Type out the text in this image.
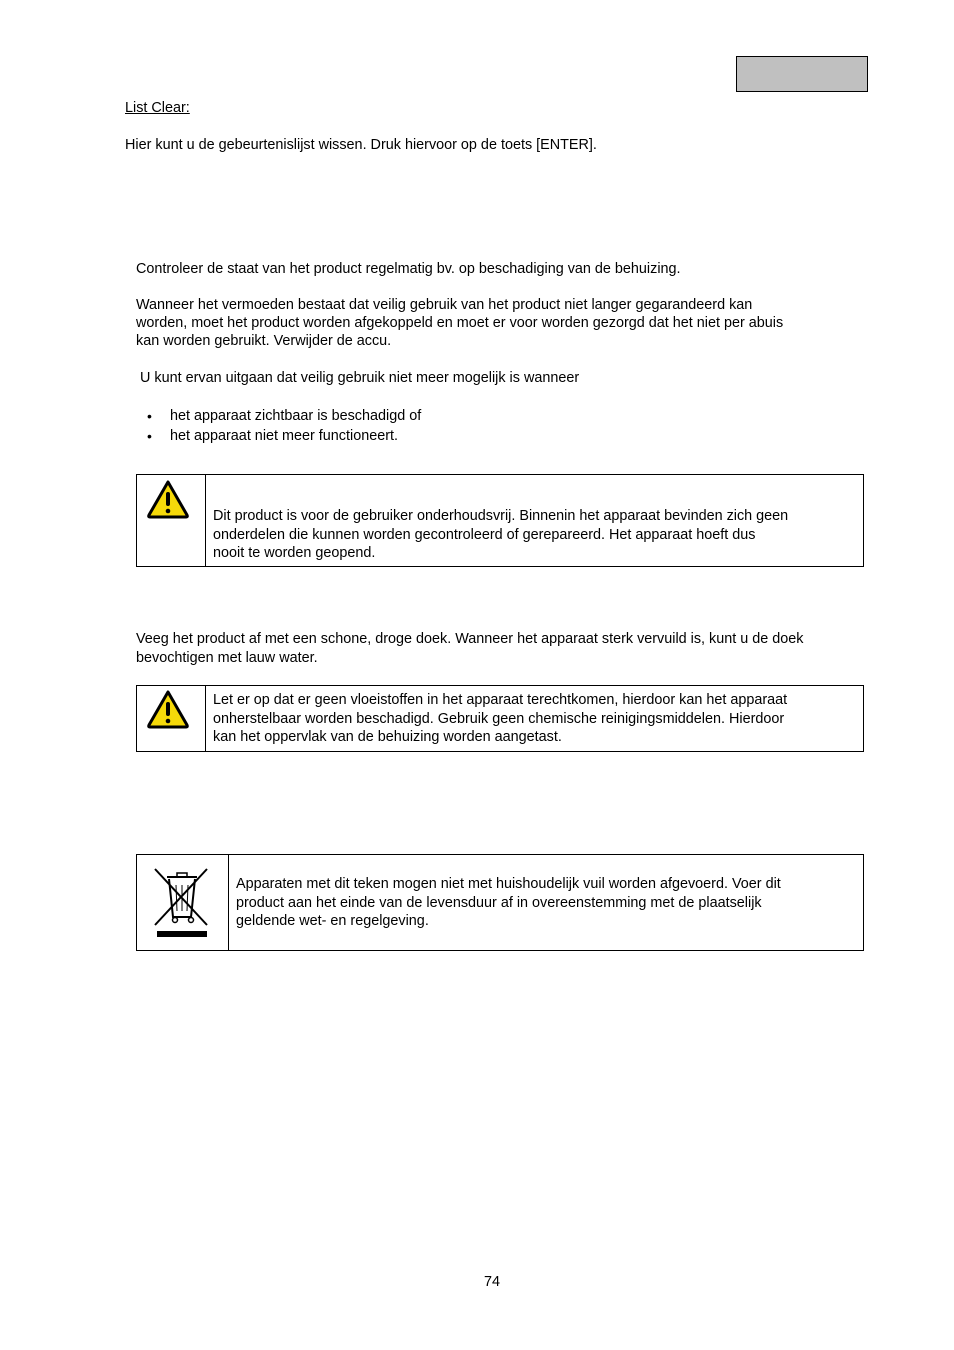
List Clear:
Hier kunt u de gebeurtenislijst wissen. Druk hiervoor op de toets [ENTER].
Controleer de staat van het product regelmatig bv. op beschadiging van de behuizing.
Wanneer het vermoeden bestaat dat veilig gebruik van het product niet langer gegarandeerd kan
worden, moet het product worden afgekoppeld en moet er voor worden gezorgd dat het niet per abuis
kan worden gebruikt. Verwijder de accu.
U kunt ervan uitgaan dat veilig gebruik niet meer mogelijk is wanneer
• het apparaat zichtbaar is beschadigd of
• het apparaat niet meer functioneert.
Dit product is voor de gebruiker onderhoudsvrij. Binnenin het apparaat bevinden zich geen
onderdelen die kunnen worden gecontroleerd of gerepareerd. Het apparaat hoeft dus
nooit te worden geopend.
Veeg het product af met een schone, droge doek. Wanneer het apparaat sterk vervuild is, kunt u de doek
bevochtigen met lauw water.
Let er op dat er geen vloeistoffen in het apparaat terechtkomen, hierdoor kan het apparaat
onherstelbaar worden beschadigd. Gebruik geen chemische reinigingsmiddelen. Hierdoor
kan het oppervlak van de behuizing worden aangetast.
Apparaten met dit teken mogen niet met huishoudelijk vuil worden afgevoerd. Voer dit
product aan het einde van de levensduur af in overeenstemming met de plaatselijk
geldende wet- en regelgeving.
74
